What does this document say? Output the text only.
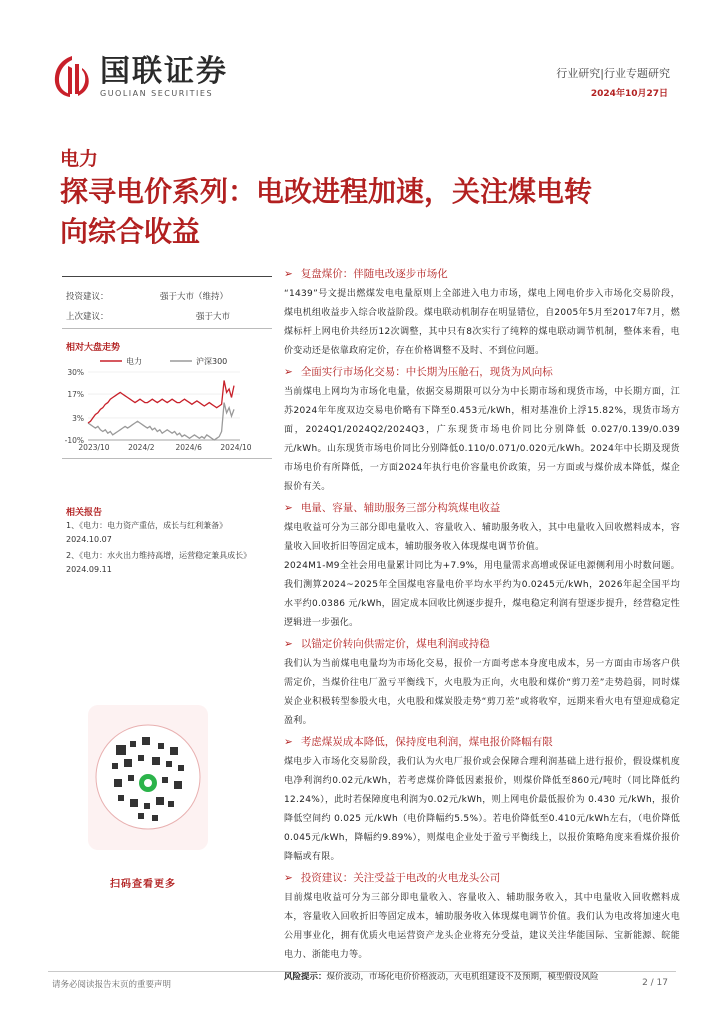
国联证券
GUOLIAN SECURITIES
行业研究|行业专题研究
2024年10月27日
电力
探寻电价系列：电改进程加速，关注煤电转
向综合收益
投资建议：	强于大市（维持）
上次建议：	强于大市
相对大盘走势
电力	沪深300
30%
17%
3%
-10%
2023/10 2024/2	2024/6 2024/10
相关报告
1、《电力：电力资产重估，成长与红利兼备》2024.10.07
2、《电力：水火出力维持高增，运营稳定兼具成长》2024.09.11
扫码查看更多
➢ 复盘煤价：伴随电改逐步市场化

“1439”号文提出燃煤发电电量原则上全部进入电力市场，煤电上网电价步入市场化交易阶段，煤电机组收益步入综合收益阶段。煤电联动机制存在明显错位，自2005年5月至2017年7月，燃煤标杆上网电价共经历12次调整，其中只有8次实行了纯粹的煤电联动调节机制，整体来看，电价变动还是依靠政府定价，存在价格调整不及时、不到位问题。

➢ 全面实行市场化交易：中长期为压舱石，现货为风向标

当前煤电上网均为市场化电量，依据交易期限可以分为中长期市场和现货市场，中长期方面，江苏2024年年度双边交易电价略有下降至0.453元/kWh，相对基准价上浮15.82%，现货市场方面，2024Q1/2024Q2/2024Q3，广东现货市场电价同比分别降低 0.027/0.139/0.039 元/kWh。山东现货市场电价同比分别降低0.110/0.071/0.020元/kWh。2024年中长期及现货市场电价有所降低，一方面2024年执行电价容量电价政策，另一方面或与煤价成本降低，煤企报价有关。

➢ 电量、容量、辅助服务三部分构筑煤电收益

煤电收益可分为三部分即电量收入、容量收入、辅助服务收入，其中电量收入回收燃料成本，容量收入回收折旧等固定成本，辅助服务收入体现煤电调节价值。

2024M1-M9全社会用电量累计同比为+7.9%，用电量需求高增或保证电源侧利用小时数问题。我们测算2024~2025年全国煤电容量电价平均水平约为0.0245元/kWh，2026年起全国平均水平约0.0386 元/kWh，固定成本回收比例逐步提升，煤电稳定利润有望逐步提升，经营稳定性逻辑进一步强化。

➢ 以锚定价转向供需定价，煤电利润或持稳

我们认为当前煤电电量均为市场化交易，报价一方面考虑本身度电成本，另一方面由市场客户供需定价，当煤价往电厂盈亏平衡线下，火电股为正向，火电股和煤价“剪刀差”走势趋弱，同时煤炭企业积极转型参股火电，火电股和煤炭股走势“剪刀差”或将收窄，远期来看火电有望迎成稳定盈利。

➢ 考虑煤炭成本降低，保持度电利润，煤电报价降幅有限

煤电步入市场化交易阶段，我们认为火电厂报价或会保障合理利润基础上进行报价，假设煤机度电净利润约0.02元/kWh，若考虑煤价降低因素报价，则煤价降低至860元/吨时（同比降低约12.24%），此时若保障度电利润为0.02元/kWh，则上网电价最低报价为 0.430 元/kWh，报价降低空间约 0.025 元/kWh（电价降幅约5.5%）。若电价降低至0.410元/kWh左右，（电价降低0.045元/kWh，降幅约9.89%），则煤电企业处于盈亏平衡线上，以报价策略角度来看煤价报价降幅或有限。

➢ 投资建议：关注受益于电改的火电龙头公司

目前煤电收益可分为三部分即电量收入、容量收入、辅助服务收入，其中电量收入回收燃料成本，容量收入回收折旧等固定成本，辅助服务收入体现煤电调节价值。我们认为电改将加速火电公用事业化，拥有优质火电运营资产龙头企业将充分受益，建议关注华能国际、宝新能源、皖能电力、浙能电力等。

风险提示：煤价波动，市场化电价价格波动，火电机组建设不及预期，模型假设风险
请务必阅读报告末页的重要声明	2 / 17
